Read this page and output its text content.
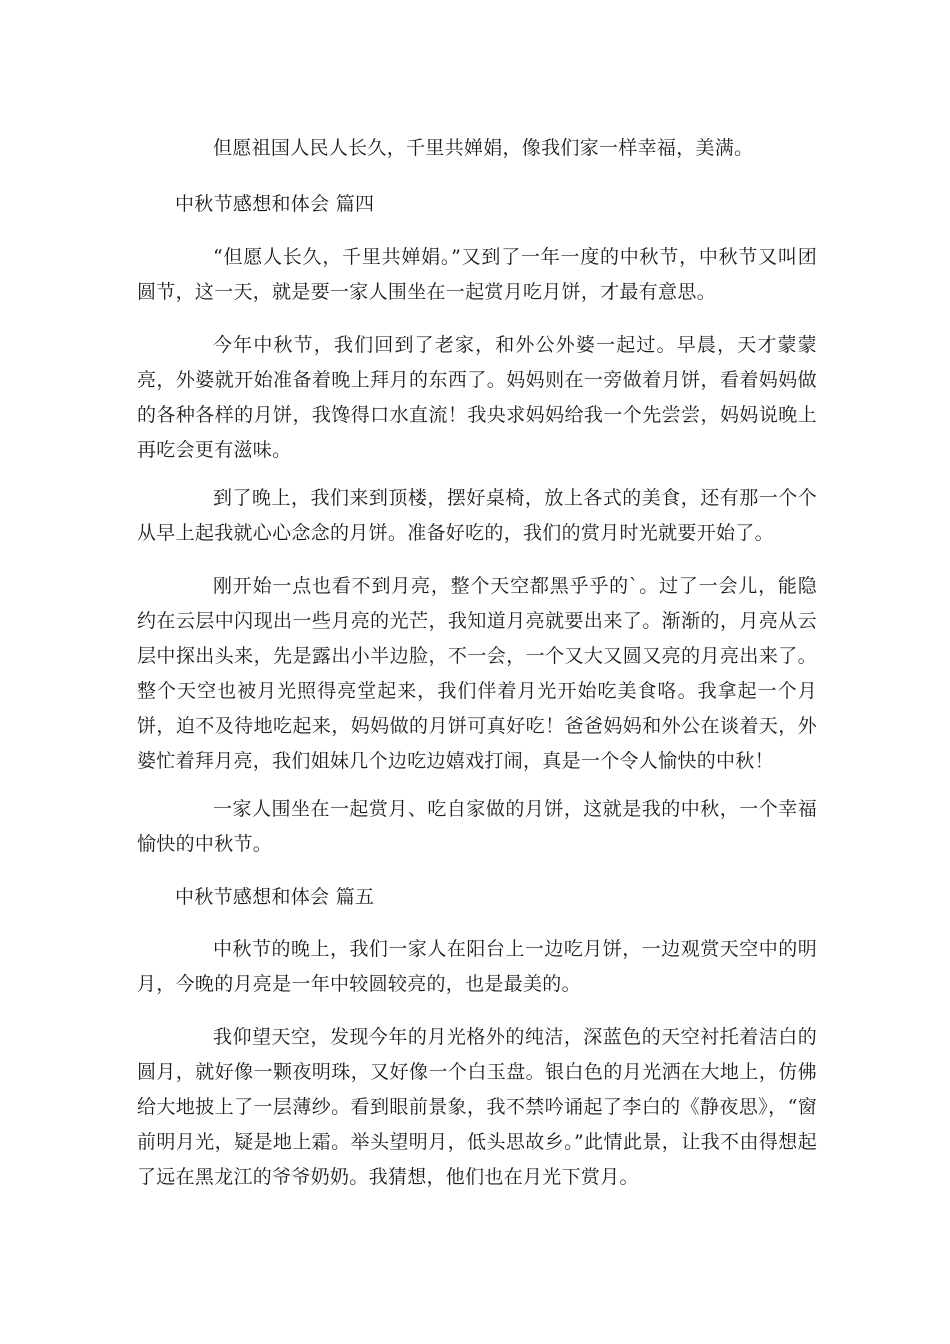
但愿祖国人民人长久，千里共婵娟，像我们家一样幸福，美满。

中秋节感想和体会 篇四

“但愿人长久，千里共婵娟。”又到了一年一度的中秋节，中秋节又叫团圆节，这一天，就是要一家人围坐在一起赏月吃月饼，才最有意思。

今年中秋节，我们回到了老家，和外公外婆一起过。早晨，天才蒙蒙亮，外婆就开始准备着晚上拜月的东西了。妈妈则在一旁做着月饼，看着妈妈做的各种各样的月饼，我馋得口水直流！我央求妈妈给我一个先尝尝，妈妈说晚上再吃会更有滋味。

到了晚上，我们来到顶楼，摆好桌椅，放上各式的美食，还有那一个个从早上起我就心心念念的月饼。准备好吃的，我们的赏月时光就要开始了。

刚开始一点也看不到月亮，整个天空都黑乎乎的`。过了一会儿，能隐约在云层中闪现出一些月亮的光芒，我知道月亮就要出来了。渐渐的，月亮从云层中探出头来，先是露出小半边脸，不一会，一个又大又圆又亮的月亮出来了。整个天空也被月光照得亮堂起来，我们伴着月光开始吃美食咯。我拿起一个月饼，迫不及待地吃起来，妈妈做的月饼可真好吃！爸爸妈妈和外公在谈着天，外婆忙着拜月亮，我们姐妹几个边吃边嬉戏打闹，真是一个令人愉快的中秋！

一家人围坐在一起赏月、吃自家做的月饼，这就是我的中秋，一个幸福愉快的中秋节。

中秋节感想和体会 篇五

中秋节的晚上，我们一家人在阳台上一边吃月饼，一边观赏天空中的明月，今晚的月亮是一年中较圆较亮的，也是最美的。

我仰望天空，发现今年的月光格外的纯洁，深蓝色的天空衬托着洁白的圆月，就好像一颗夜明珠，又好像一个白玉盘。银白色的月光洒在大地上，仿佛给大地披上了一层薄纱。看到眼前景象，我不禁吟诵起了李白的《静夜思》，“窗前明月光，疑是地上霜。举头望明月，低头思故乡。”此情此景，让我不由得想起了远在黑龙江的爷爷奶奶。我猜想，他们也在月光下赏月。
